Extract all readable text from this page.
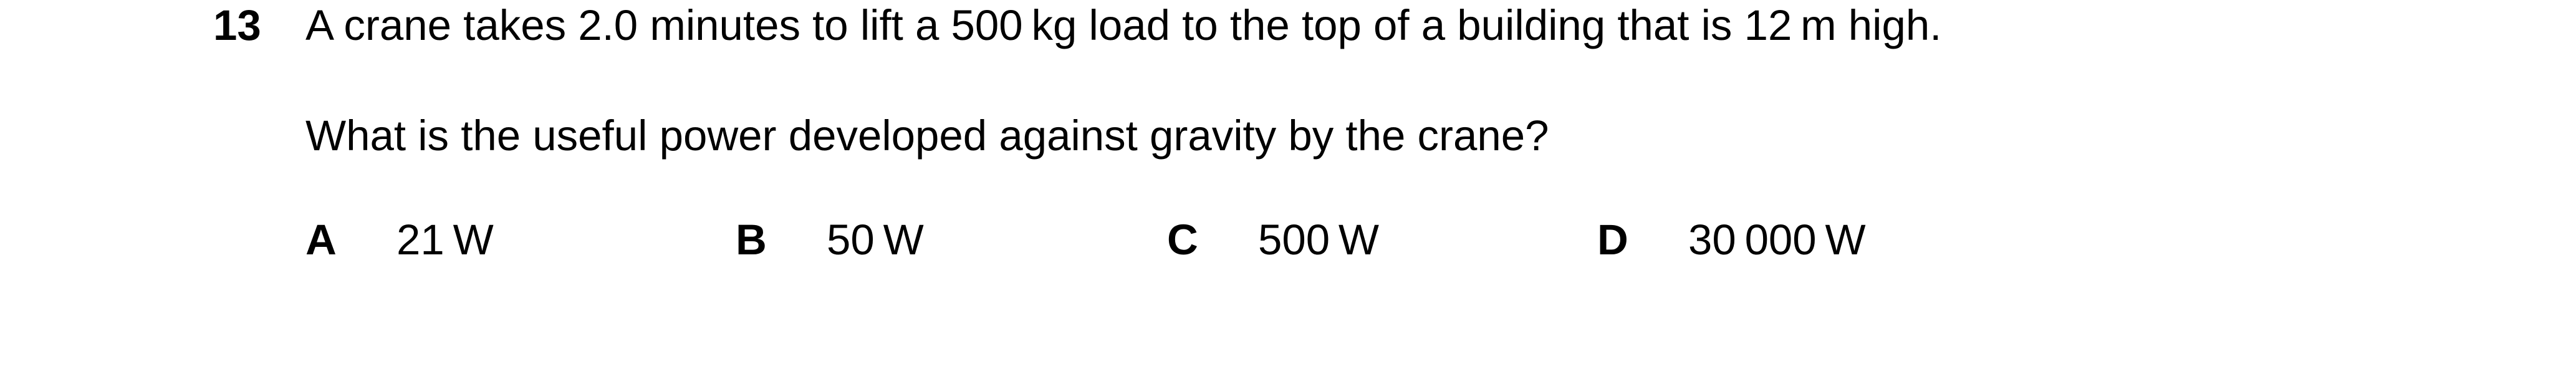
13 A crane takes 2.0 minutes to lift a 500 kg load to the top of a building that is 12 m high.
What is the useful power developed against gravity by the crane?
A 21 W	B 50 W	C 500 W	D 30 000 W
